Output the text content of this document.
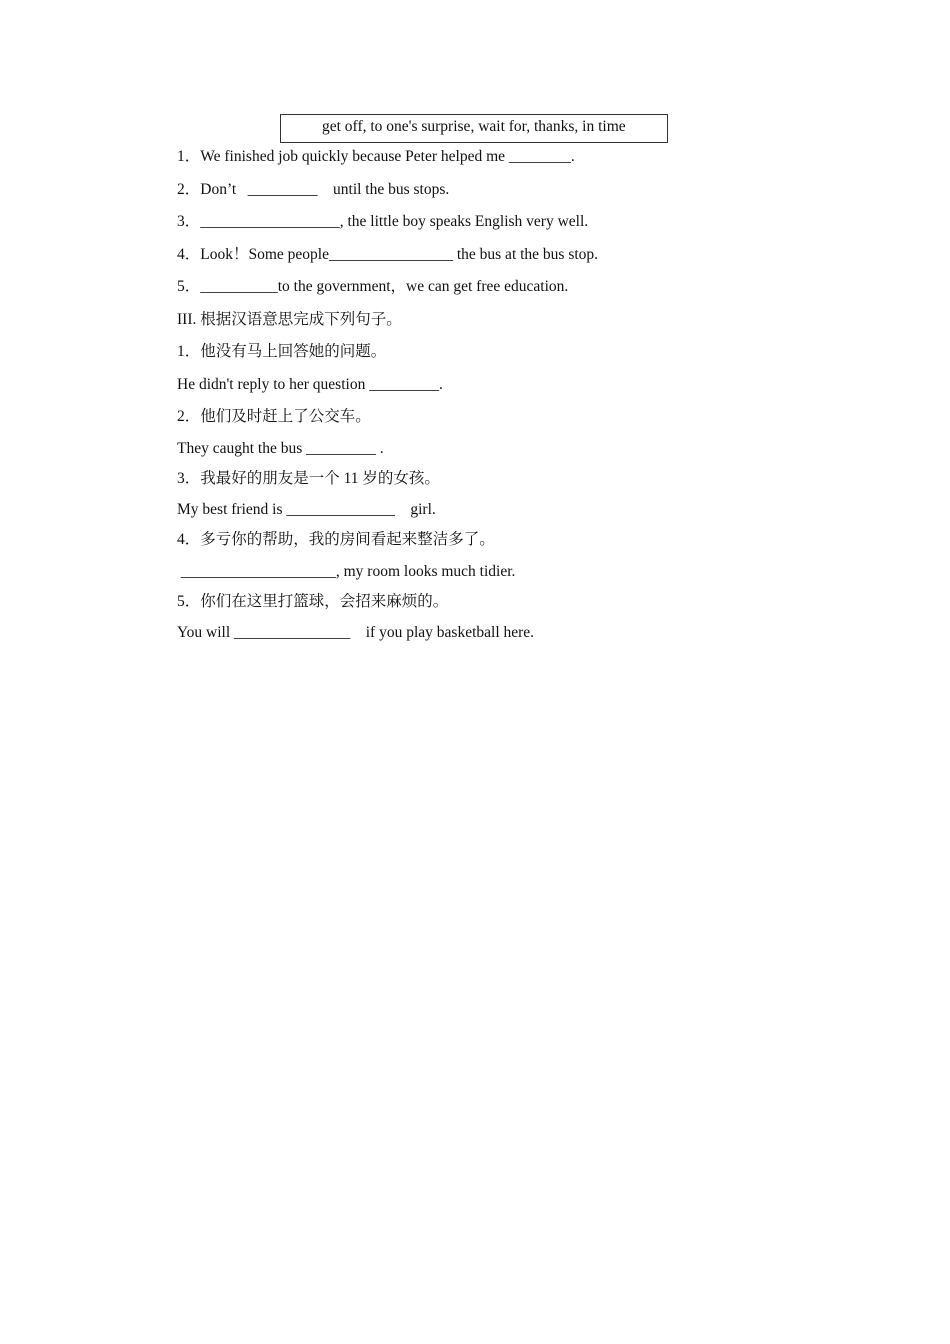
get off, to one's surprise, wait for, thanks, in time
1．We finished job quickly because Peter helped me ________.
2．Don’t   _________    until the bus stops.
3．__________________, the little boy speaks English very well.
4．Look！Some people________________ the bus at the bus stop.
5．__________to the government，we can get free education.
III. 根据汉语意思完成下列句子。
1．他没有马上回答她的问题。
He didn't reply to her question _________.
2．他们及时赶上了公交车。
They caught the bus _________ .
3．我最好的朋友是一个 11 岁的女孩。
My best friend is ______________    girl.
4．多亏你的帮助，我的房间看起来整洁多了。
____________________, my room looks much tidier.
5．你们在这里打篮球，会招来麻烦的。
You will _______________    if you play basketball here.
